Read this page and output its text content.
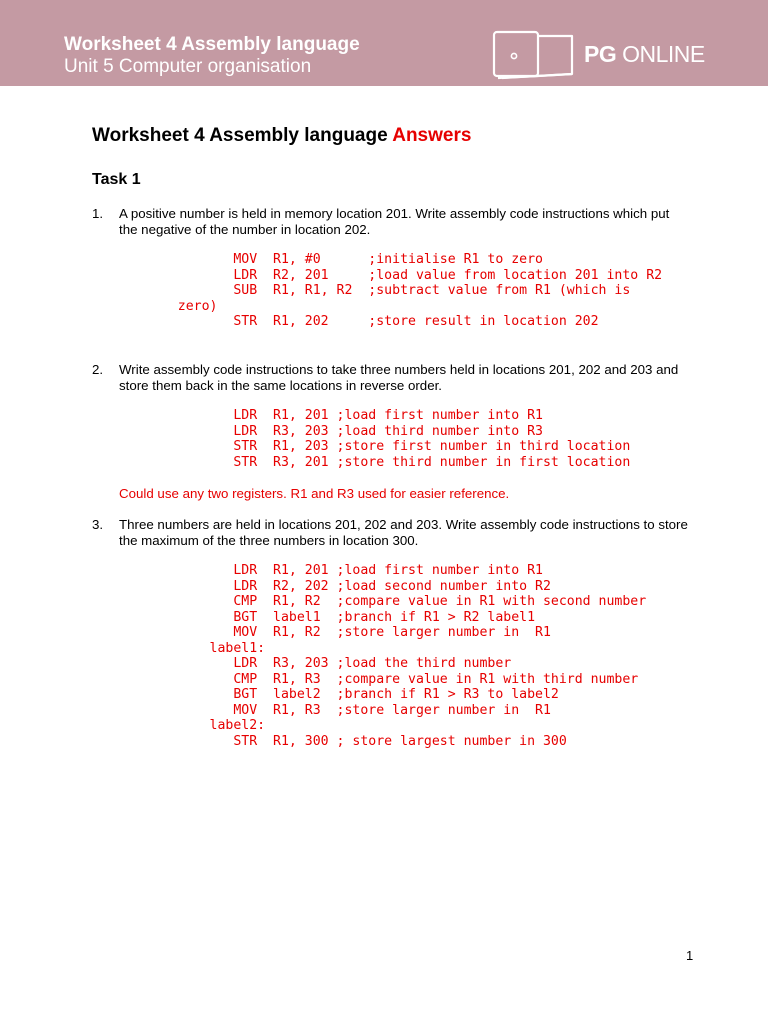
Worksheet 4 Assembly language
Unit 5 Computer organisation	PG ONLINE
Worksheet 4 Assembly language Answers
Task 1
1. A positive number is held in memory location 201. Write assembly code instructions which put the negative of the number in location 202.
MOV  R1, #0      ;initialise R1 to zero
LDR  R2, 201     ;load value from location 201 into R2
SUB  R1, R1, R2  ;subtract value from R1 (which is
zero)
STR  R1, 202     ;store result in location 202
2. Write assembly code instructions to take three numbers held in locations 201, 202 and 203 and store them back in the same locations in reverse order.
LDR  R1, 201 ;load first number into R1
LDR  R3, 203 ;load third number into R3
STR  R1, 203 ;store first number in third location
STR  R3, 201 ;store third number in first location
Could use any two registers. R1 and R3 used for easier reference.
3. Three numbers are held in locations 201, 202 and 203. Write assembly code instructions to store the maximum of the three numbers in location 300.
LDR  R1, 201 ;load first number into R1
LDR  R2, 202 ;load second number into R2
CMP  R1, R2  ;compare value in R1 with second number
BGT  label1  ;branch if R1 > R2 label1
MOV  R1, R2  ;store larger number in  R1
label1:
LDR  R3, 203 ;load the third number
CMP  R1, R3  ;compare value in R1 with third number
BGT  label2  ;branch if R1 > R3 to label2
MOV  R1, R3  ;store larger number in  R1
label2:
STR  R1, 300 ; store largest number in 300
1
